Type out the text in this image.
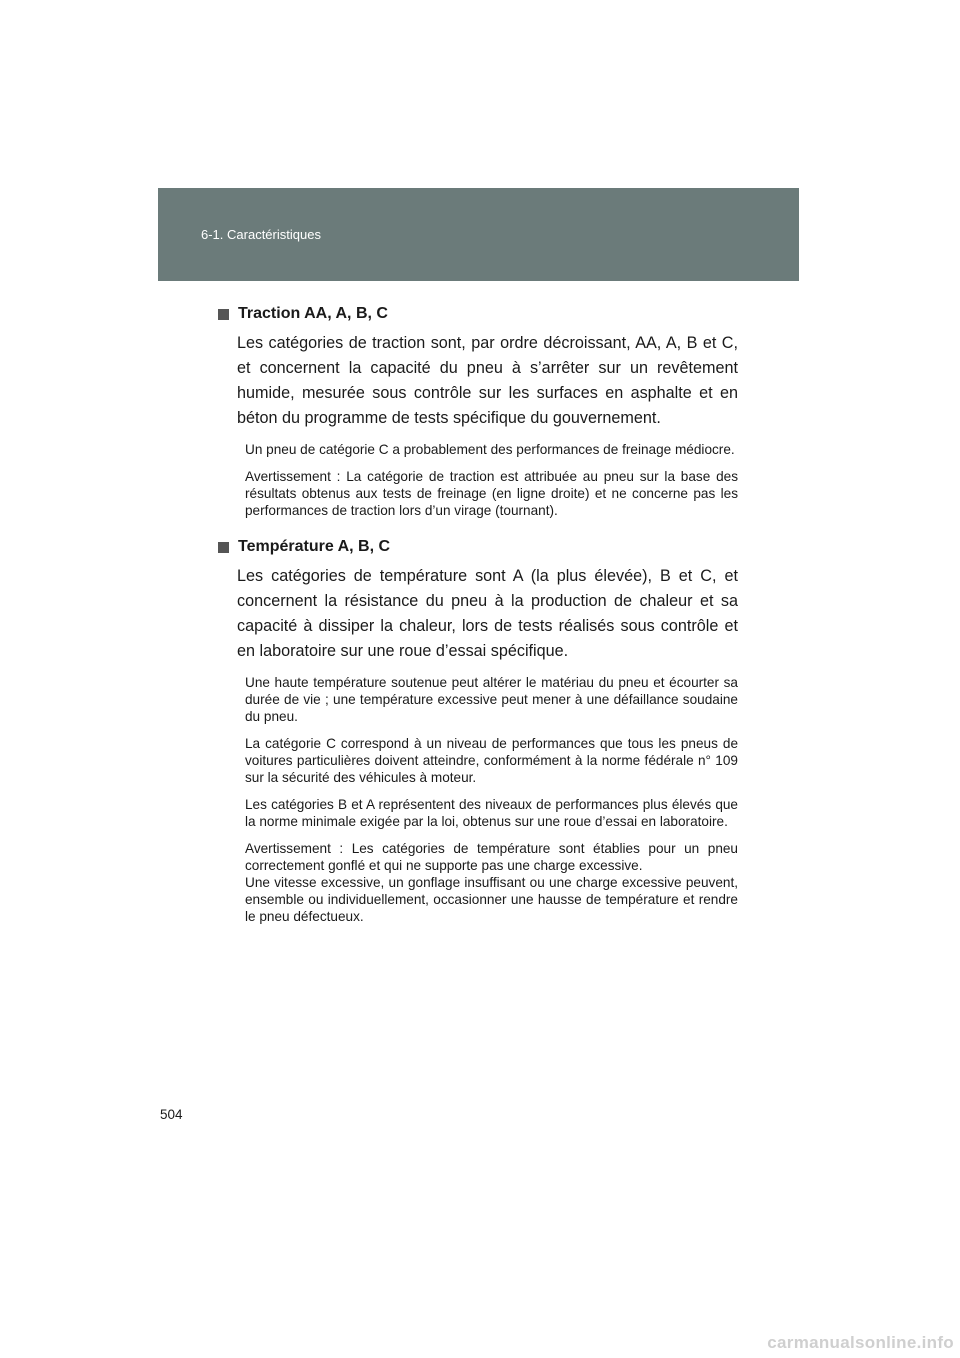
6-1. Caractéristiques
Traction AA, A, B, C

Les catégories de traction sont, par ordre décroissant, AA, A, B et C, et concernent la capacité du pneu à s’arrêter sur un revêtement humide, mesurée sous contrôle sur les surfaces en asphalte et en béton du programme de tests spécifique du gouvernement.

Un pneu de catégorie C a probablement des performances de freinage médiocre.

Avertissement : La catégorie de traction est attribuée au pneu sur la base des résultats obtenus aux tests de freinage (en ligne droite) et ne concerne pas les performances de traction lors d’un virage (tournant).

Température A, B, C

Les catégories de température sont A (la plus élevée), B et C, et concernent la résistance du pneu à la production de chaleur et sa capacité à dissiper la chaleur, lors de tests réalisés sous contrôle et en laboratoire sur une roue d’essai spécifique.

Une haute température soutenue peut altérer le matériau du pneu et écourter sa durée de vie ; une température excessive peut mener à une défaillance soudaine du pneu.

La catégorie C correspond à un niveau de performances que tous les pneus de voitures particulières doivent atteindre, conformément à la norme fédérale n° 109 sur la sécurité des véhicules à moteur.

Les catégories B et A représentent des niveaux de performances plus élevés que la norme minimale exigée par la loi, obtenus sur une roue d’essai en laboratoire.

Avertissement : Les catégories de température sont établies pour un pneu correctement gonflé et qui ne supporte pas une charge excessive.
Une vitesse excessive, un gonflage insuffisant ou une charge excessive peuvent, ensemble ou individuellement, occasionner une hausse de température et rendre le pneu défectueux.

504
carmanualsonline.info
